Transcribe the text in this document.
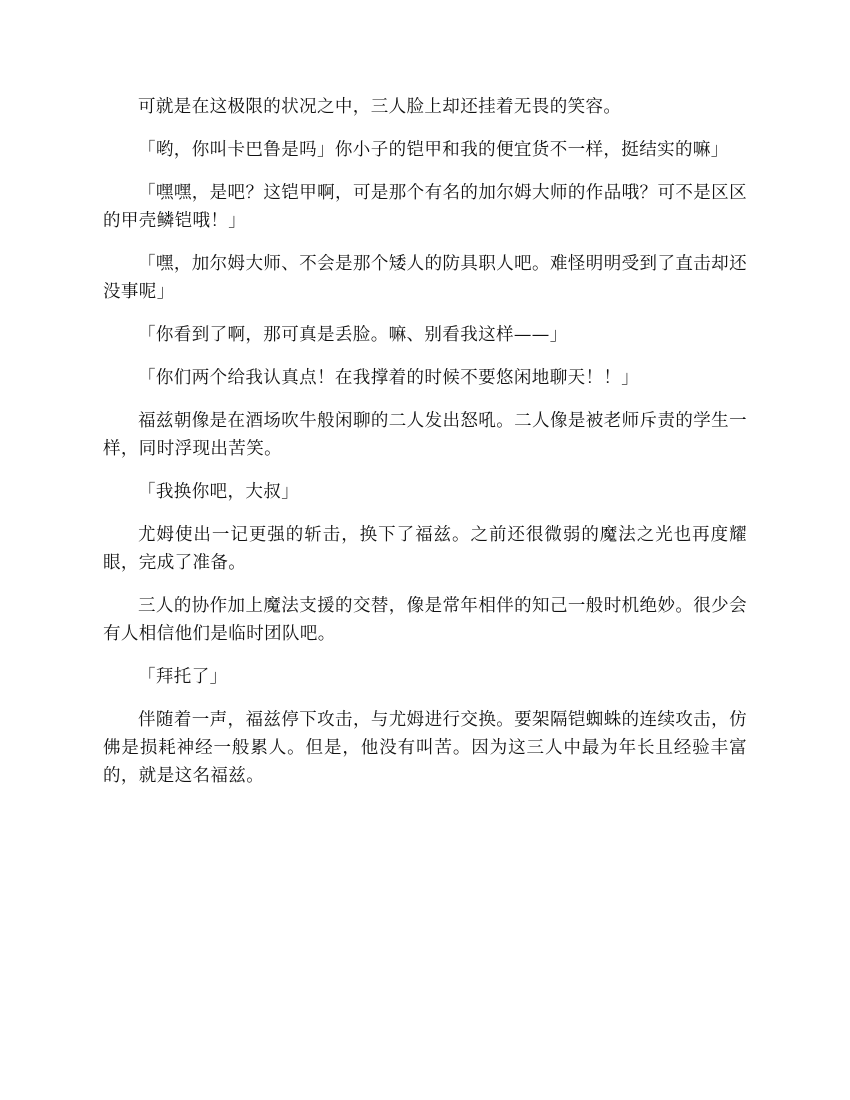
可就是在这极限的状况之中，三人脸上却还挂着无畏的笑容。

「哟，你叫卡巴鲁是吗」你小子的铠甲和我的便宜货不一样，挺结实的嘛」

「嘿嘿，是吧？这铠甲啊，可是那个有名的加尔姆大师的作品哦？可不是区区的甲壳鳞铠哦！」

「嘿，加尔姆大师、不会是那个矮人的防具职人吧。难怪明明受到了直击却还没事呢」

「你看到了啊，那可真是丢脸。嘛、别看我这样——」

「你们两个给我认真点！在我撑着的时候不要悠闲地聊天！！」

福兹朝像是在酒场吹牛般闲聊的二人发出怒吼。二人像是被老师斥责的学生一样，同时浮现出苦笑。

「我换你吧，大叔」

尤姆使出一记更强的斩击，换下了福兹。之前还很微弱的魔法之光也再度耀眼，完成了准备。

三人的协作加上魔法支援的交替，像是常年相伴的知己一般时机绝妙。很少会有人相信他们是临时团队吧。

「拜托了」

伴随着一声，福兹停下攻击，与尤姆进行交换。要架隔铠蜘蛛的连续攻击，仿佛是损耗神经一般累人。但是，他没有叫苦。因为这三人中最为年长且经验丰富的，就是这名福兹。
